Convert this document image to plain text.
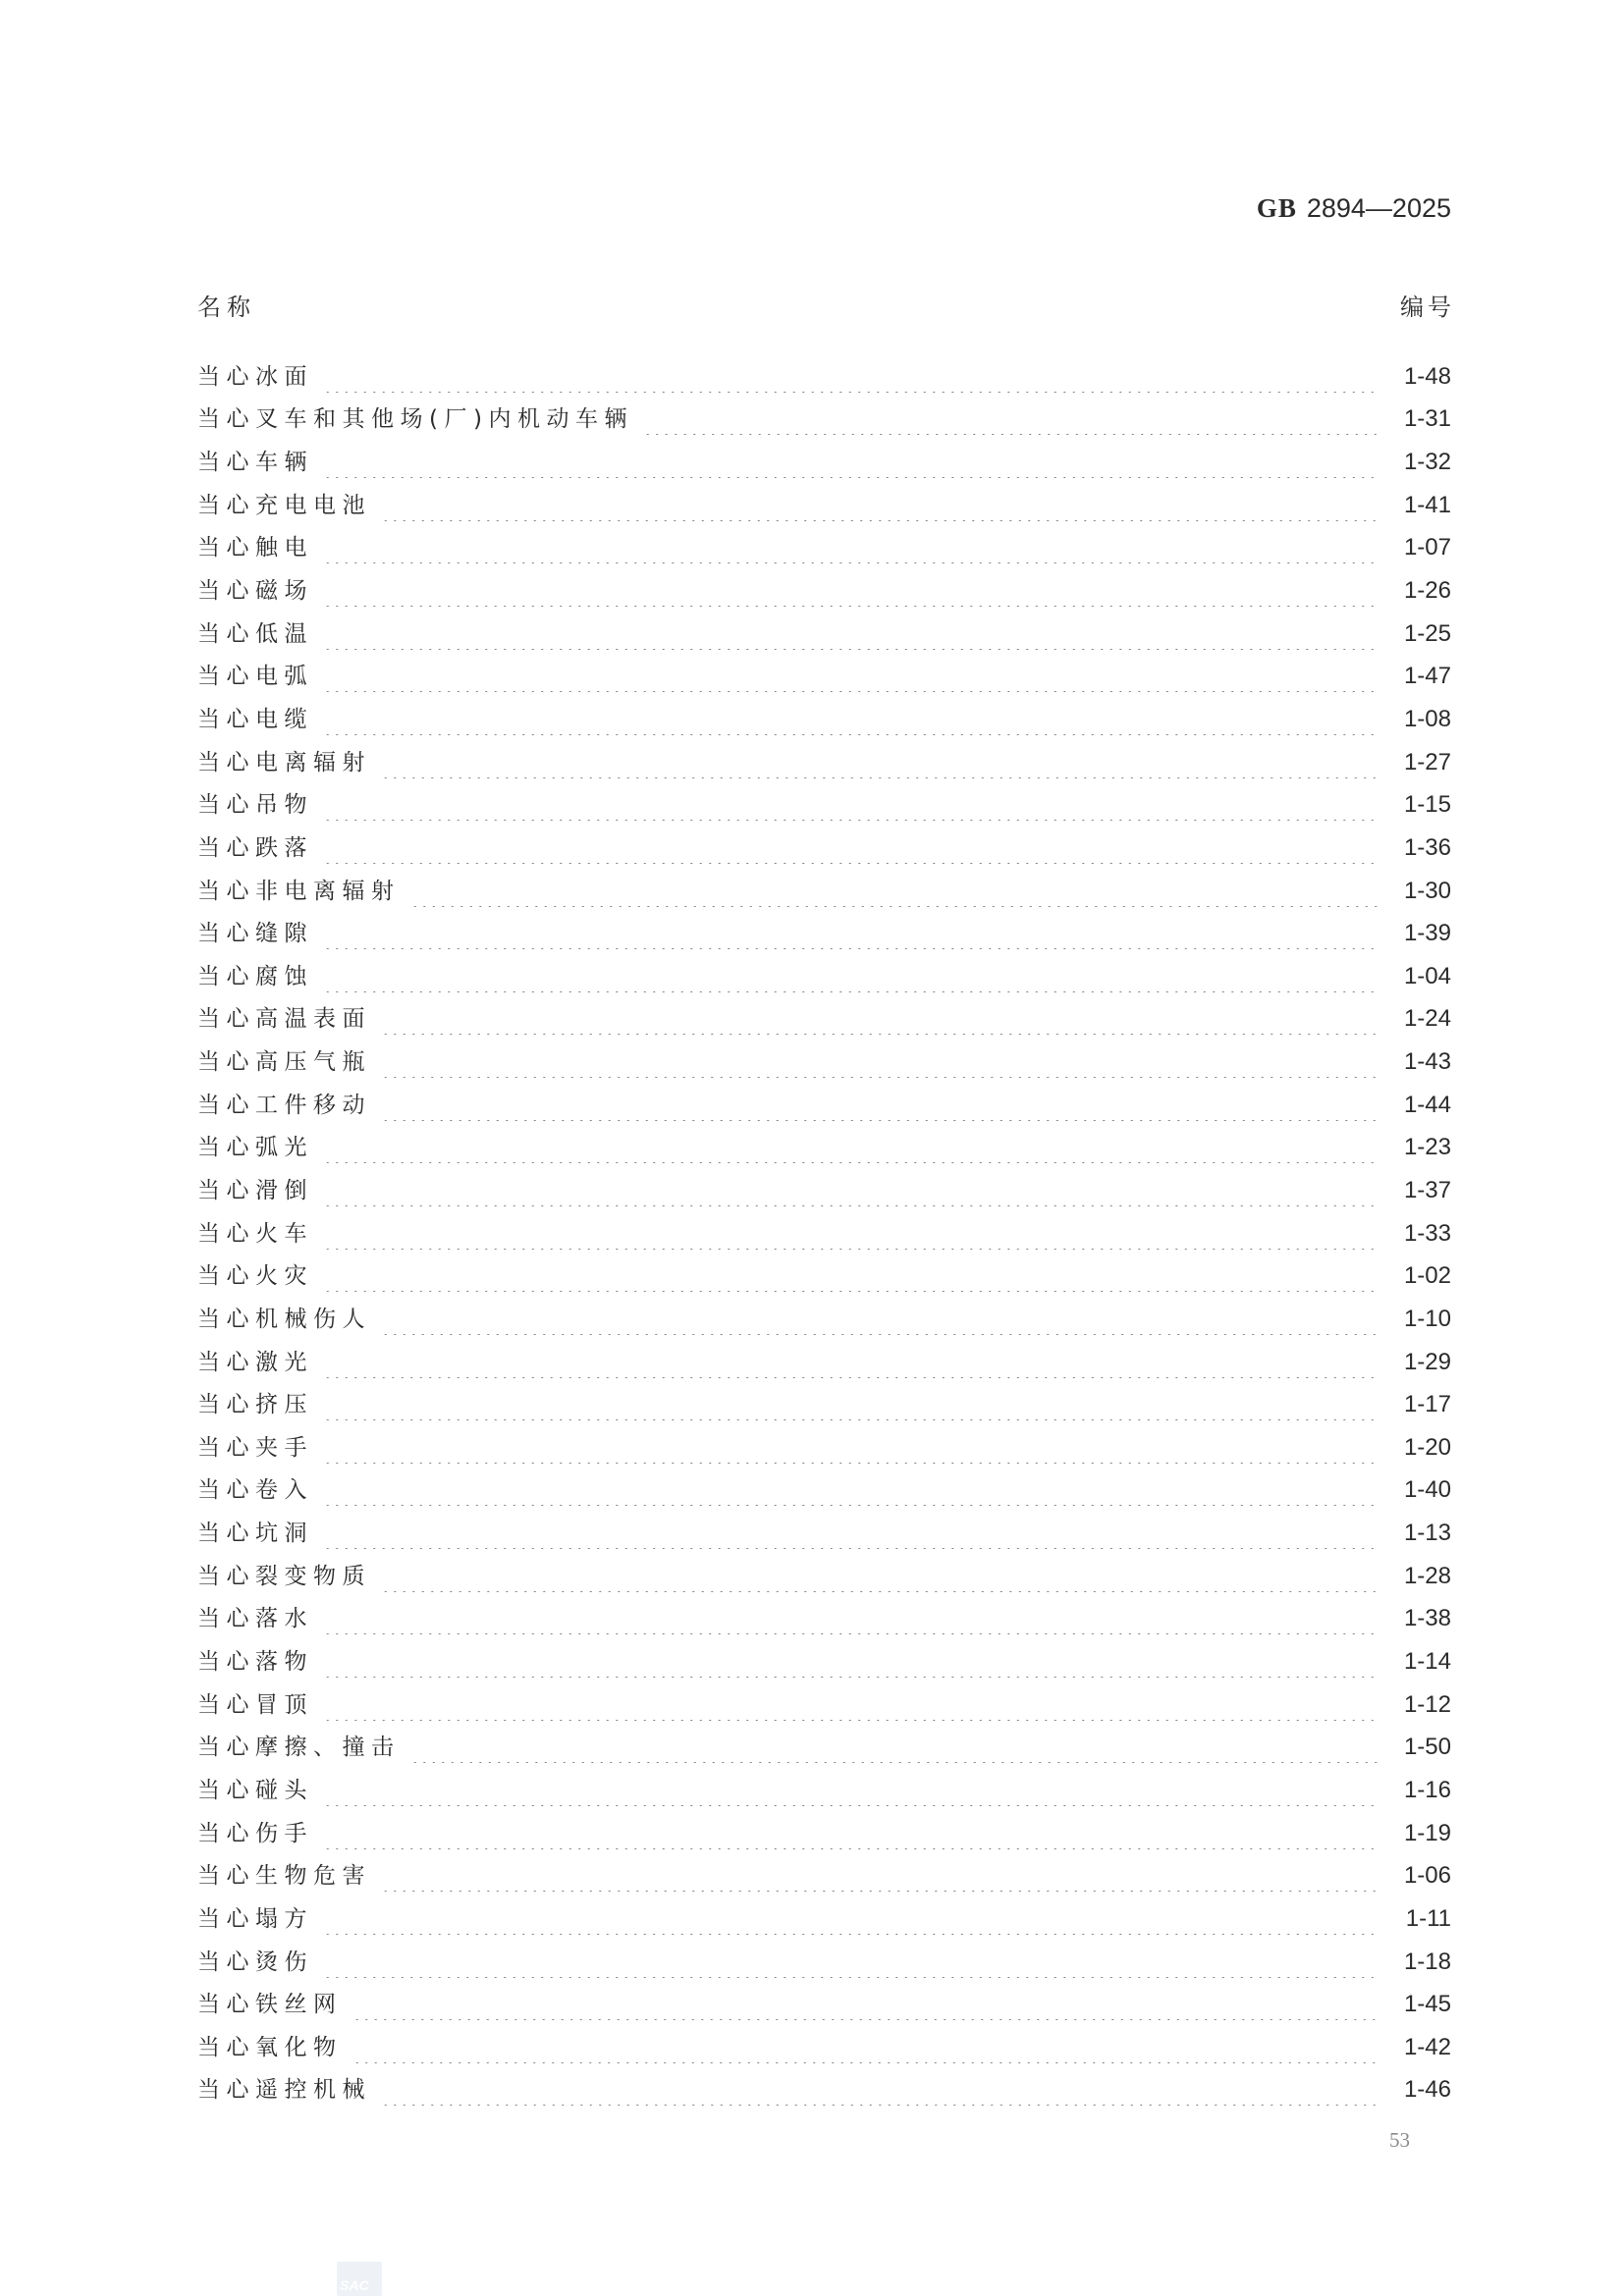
GB 2894—2025
名称	编号
当心冰面	1-48
当心叉车和其他场(厂)内机动车辆	1-31
当心车辆	1-32
当心充电电池	1-41
当心触电	1-07
当心磁场	1-26
当心低温	1-25
当心电弧	1-47
当心电缆	1-08
当心电离辐射	1-27
当心吊物	1-15
当心跌落	1-36
当心非电离辐射	1-30
当心缝隙	1-39
当心腐蚀	1-04
当心高温表面	1-24
当心高压气瓶	1-43
当心工件移动	1-44
当心弧光	1-23
当心滑倒	1-37
当心火车	1-33
当心火灾	1-02
当心机械伤人	1-10
当心激光	1-29
当心挤压	1-17
当心夹手	1-20
当心卷入	1-40
当心坑洞	1-13
当心裂变物质	1-28
当心落水	1-38
当心落物	1-14
当心冒顶	1-12
当心摩擦、撞击	1-50
当心碰头	1-16
当心伤手	1-19
当心生物危害	1-06
当心塌方	1-11
当心烫伤	1-18
当心铁丝网	1-45
当心氧化物	1-42
当心遥控机械	1-46
53
SAC
